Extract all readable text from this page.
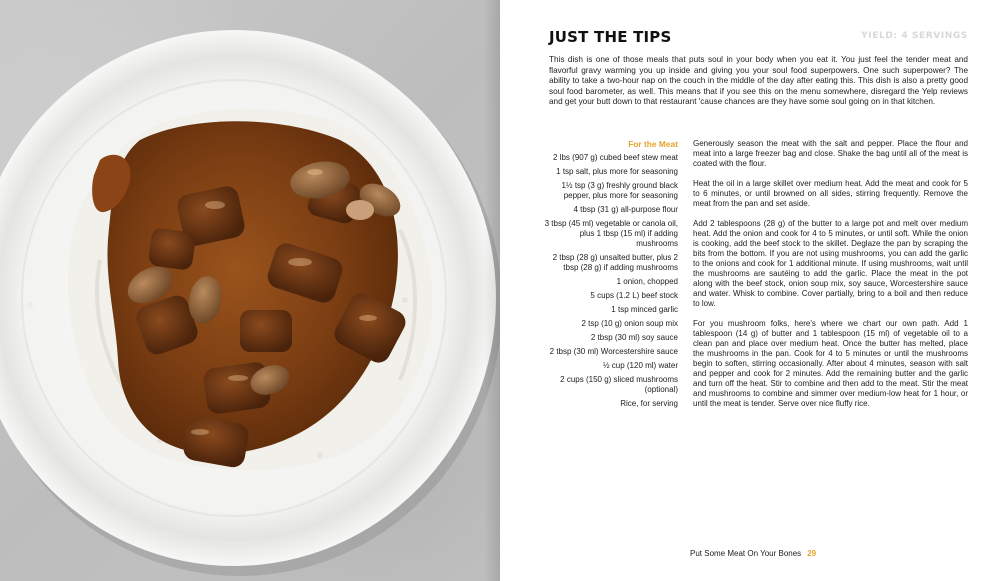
JUST THE TIPS	YIELD: 4 SERVINGS

This dish is one of those meals that puts soul in your body when you eat it. You just feel the tender meat and flavorful gravy warming you up inside and giving you your soul food superpowers. One such superpower? The ability to take a two-hour nap on the couch in the middle of the day after eating this. This dish is also a pretty good soul food barometer, as well. This means that if you see this on the menu somewhere, disregard the Yelp reviews and get your butt down to that restaurant 'cause chances are they have some soul going on in that kitchen.

For the Meat
2 lbs (907 g) cubed beef stew meat
1 tsp salt, plus more for seasoning
1½ tsp (3 g) freshly ground black pepper, plus more for seasoning
4 tbsp (31 g) all-purpose flour
3 tbsp (45 ml) vegetable or canola oil, plus 1 tbsp (15 ml) if adding mushrooms
2 tbsp (28 g) unsalted butter, plus 2 tbsp (28 g) if adding mushrooms
1 onion, chopped
5 cups (1.2 L) beef stock
1 tsp minced garlic
2 tsp (10 g) onion soup mix
2 tbsp (30 ml) soy sauce
2 tbsp (30 ml) Worcestershire sauce
½ cup (120 ml) water
2 cups (150 g) sliced mushrooms (optional)
Rice, for serving

Generously season the meat with the salt and pepper. Place the flour and meat into a large freezer bag and close. Shake the bag until all of the meat is coated with the flour.

Heat the oil in a large skillet over medium heat. Add the meat and cook for 5 to 6 minutes, or until browned on all sides, stirring frequently. Remove the meat from the pan and set aside.

Add 2 tablespoons (28 g) of the butter to a large pot and melt over medium heat. Add the onion and cook for 4 to 5 minutes, or until soft. While the onion is cooking, add the beef stock to the skillet. Deglaze the pan by scraping the bits from the bottom. If you are not using mushrooms, you can add the garlic to the onions and cook for 1 additional minute. If using mushrooms, wait until the mushrooms are sautéing to add the garlic. Place the meat in the pot along with the beef stock, onion soup mix, soy sauce, Worcestershire sauce and water. Whisk to combine. Cover partially, bring to a boil and then reduce to low.

For you mushroom folks, here's where we chart our own path. Add 1 tablespoon (14 g) of butter and 1 tablespoon (15 ml) of vegetable oil to a clean pan and place over medium heat. Once the butter has melted, place the mushrooms in the pan. Cook for 4 to 5 minutes or until the mushrooms begin to soften, stirring occasionally. After about 4 minutes, season with salt and pepper and cook for 2 minutes. Add the remaining butter and the garlic and turn off the heat. Stir to combine and then add to the meat. Stir the meat and mushrooms to combine and simmer over medium-low heat for 1 hour, or until the meat is tender. Serve over nice fluffy rice.

Put Some Meat On Your Bones 29
